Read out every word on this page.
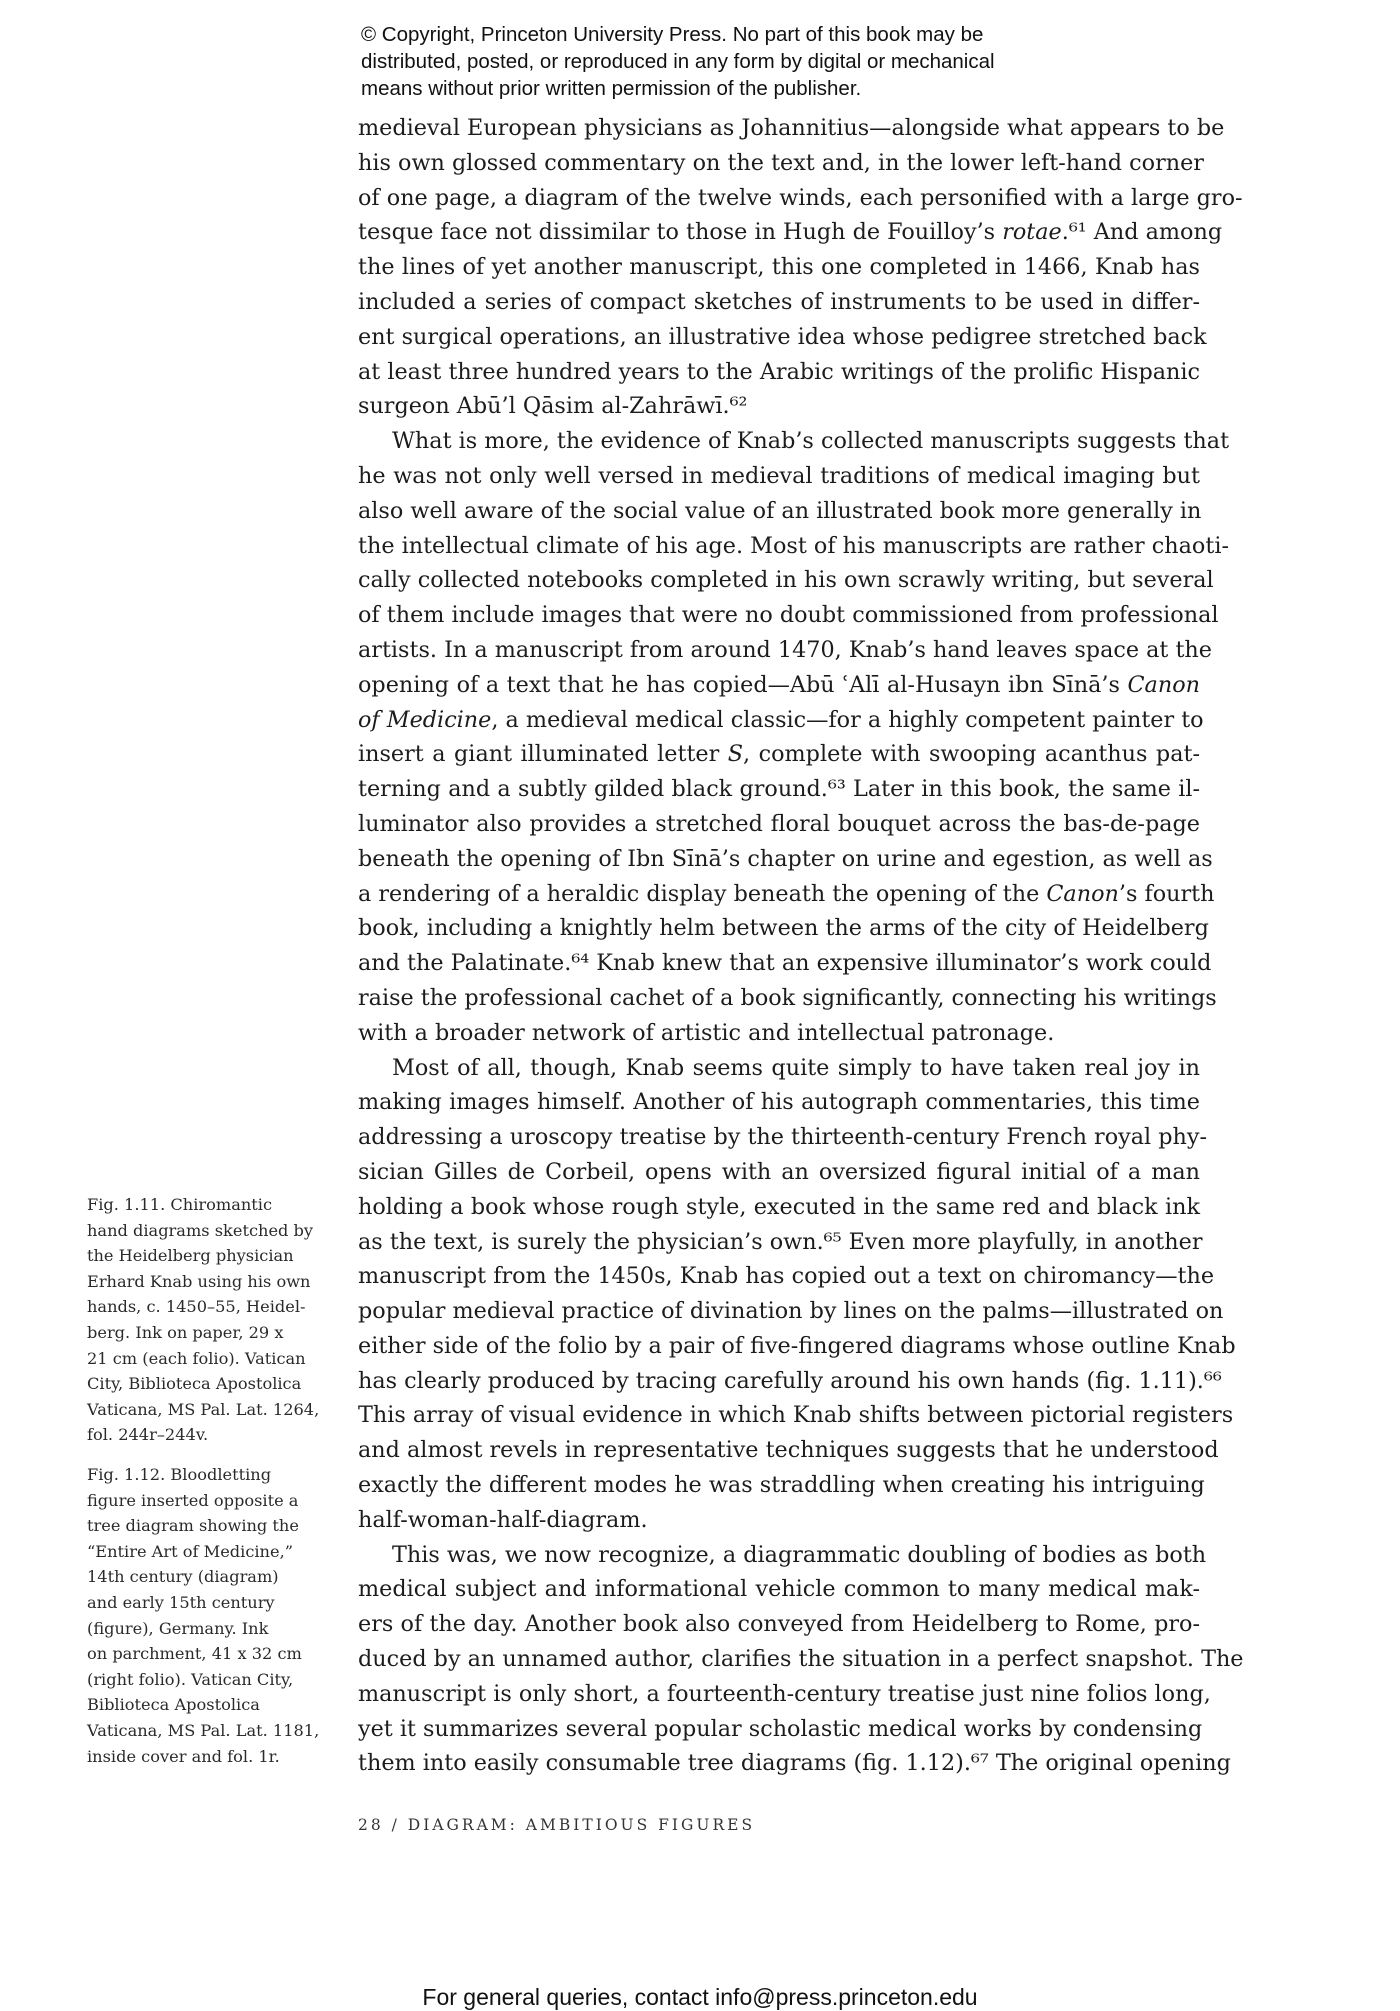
© Copyright, Princeton University Press. No part of this book may be
distributed, posted, or reproduced in any form by digital or mechanical
means without prior written permission of the publisher.
medieval European physicians as Johannitius—alongside what appears to be
his own glossed commentary on the text and, in the lower left-hand corner
of one page, a diagram of the twelve winds, each personified with a large gro-
tesque face not dissimilar to those in Hugh de Fouilloy’s rotae.⁶¹ And among
the lines of yet another manuscript, this one completed in 1466, Knab has
included a series of compact sketches of instruments to be used in differ-
ent surgical operations, an illustrative idea whose pedigree stretched back
at least three hundred years to the Arabic writings of the prolific Hispanic
surgeon Abū’l Qāsim al-Zahrāwī.⁶²
What is more, the evidence of Knab’s collected manuscripts suggests that
he was not only well versed in medieval traditions of medical imaging but
also well aware of the social value of an illustrated book more generally in
the intellectual climate of his age. Most of his manuscripts are rather chaoti-
cally collected notebooks completed in his own scrawly writing, but several
of them include images that were no doubt commissioned from professional
artists. In a manuscript from around 1470, Knab’s hand leaves space at the
opening of a text that he has copied—Abū ʿAlī al-Husayn ibn Sīnā’s Canon
of Medicine, a medieval medical classic—for a highly competent painter to
insert a giant illuminated letter S, complete with swooping acanthus pat-
terning and a subtly gilded black ground.⁶³ Later in this book, the same il-
luminator also provides a stretched floral bouquet across the bas-de-page
beneath the opening of Ibn Sīnā’s chapter on urine and egestion, as well as
a rendering of a heraldic display beneath the opening of the Canon’s fourth
book, including a knightly helm between the arms of the city of Heidelberg
and the Palatinate.⁶⁴ Knab knew that an expensive illuminator’s work could
raise the professional cachet of a book significantly, connecting his writings
with a broader network of artistic and intellectual patronage.
Most of all, though, Knab seems quite simply to have taken real joy in
making images himself. Another of his autograph commentaries, this time
addressing a uroscopy treatise by the thirteenth-century French royal phy-
sician Gilles de Corbeil, opens with an oversized figural initial of a man
holding a book whose rough style, executed in the same red and black ink
as the text, is surely the physician’s own.⁶⁵ Even more playfully, in another
manuscript from the 1450s, Knab has copied out a text on chiromancy—the
popular medieval practice of divination by lines on the palms—illustrated on
either side of the folio by a pair of five-fingered diagrams whose outline Knab
has clearly produced by tracing carefully around his own hands (fig. 1.11).⁶⁶
This array of visual evidence in which Knab shifts between pictorial registers
and almost revels in representative techniques suggests that he understood
exactly the different modes he was straddling when creating his intriguing
half-woman-half-diagram.
This was, we now recognize, a diagrammatic doubling of bodies as both
medical subject and informational vehicle common to many medical mak-
ers of the day. Another book also conveyed from Heidelberg to Rome, pro-
duced by an unnamed author, clarifies the situation in a perfect snapshot. The
manuscript is only short, a fourteenth-century treatise just nine folios long,
yet it summarizes several popular scholastic medical works by condensing
them into easily consumable tree diagrams (fig. 1.12).⁶⁷ The original opening
Fig. 1.11. Chiromantic
hand diagrams sketched by
the Heidelberg physician
Erhard Knab using his own
hands, c. 1450–55, Heidel-
berg. Ink on paper, 29 x
21 cm (each folio). Vatican
City, Biblioteca Apostolica
Vaticana, MS Pal. Lat. 1264,
fol. 244r–244v.
Fig. 1.12. Bloodletting
figure inserted opposite a
tree diagram showing the
“Entire Art of Medicine,”
14th century (diagram)
and early 15th century
(figure), Germany. Ink
on parchment, 41 x 32 cm
(right folio). Vatican City,
Biblioteca Apostolica
Vaticana, MS Pal. Lat. 1181,
inside cover and fol. 1r.
28 / DIAGRAM: AMBITIOUS FIGURES
For general queries, contact info@press.princeton.edu
